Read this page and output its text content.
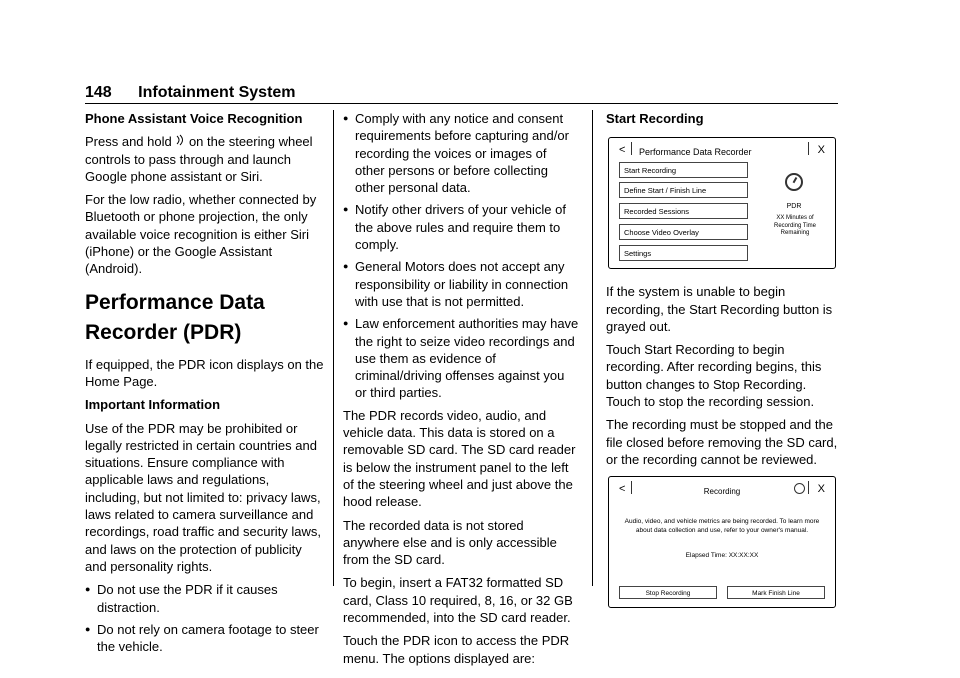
148 Infotainment System

Phone Assistant Voice Recognition

Press and hold  on the steering wheel controls to pass through and launch Google phone assistant or Siri.

For the low radio, whether connected by Bluetooth or phone projection, the only available voice recognition is either Siri (iPhone) or the Google Assistant (Android).

Performance Data Recorder (PDR)

If equipped, the PDR icon displays on the Home Page.

Important Information

Use of the PDR may be prohibited or legally restricted in certain countries and situations. Ensure compliance with applicable laws and regulations, including, but not limited to: privacy laws, laws related to camera surveillance and recordings, road traffic and security laws, and laws on the protection of publicity and personality rights.

● Do not use the PDR if it causes distraction.
● Do not rely on camera footage to steer the vehicle.
● Comply with any notice and consent requirements before capturing and/or recording the voices or images of other persons or before collecting other personal data.
● Notify other drivers of your vehicle of the above rules and require them to comply.
● General Motors does not accept any responsibility or liability in connection with use that is not permitted.
● Law enforcement authorities may have the right to seize video recordings and use them as evidence of criminal/driving offenses against you or third parties.

The PDR records video, audio, and vehicle data. This data is stored on a removable SD card. The SD card reader is below the instrument panel to the left of the steering wheel and just above the hood release.

The recorded data is not stored anywhere else and is only accessible from the SD card.

To begin, insert a FAT32 formatted SD card, Class 10 required, 8, 16, or 32 GB recommended, into the SD card reader.

Touch the PDR icon to access the PDR menu. The options displayed are:

Start Recording

< Performance Data Recorder	X
Start Recording
Define Start / Finish Line
Recorded Sessions
Choose Video Overlay
Settings
PDR
XX Minutes of Recording Time Remaining

If the system is unable to begin recording, the Start Recording button is grayed out.

Touch Start Recording to begin recording. After recording begins, this button changes to Stop Recording. Touch to stop the recording session.

The recording must be stopped and the file closed before removing the SD card, or the recording cannot be reviewed.

<	Recording	X
Audio, video, and vehicle metrics are being recorded. To learn more about data collection and use, refer to your owner's manual.
Elapsed Time: XX:XX:XX
Stop Recording	Mark Finish Line
